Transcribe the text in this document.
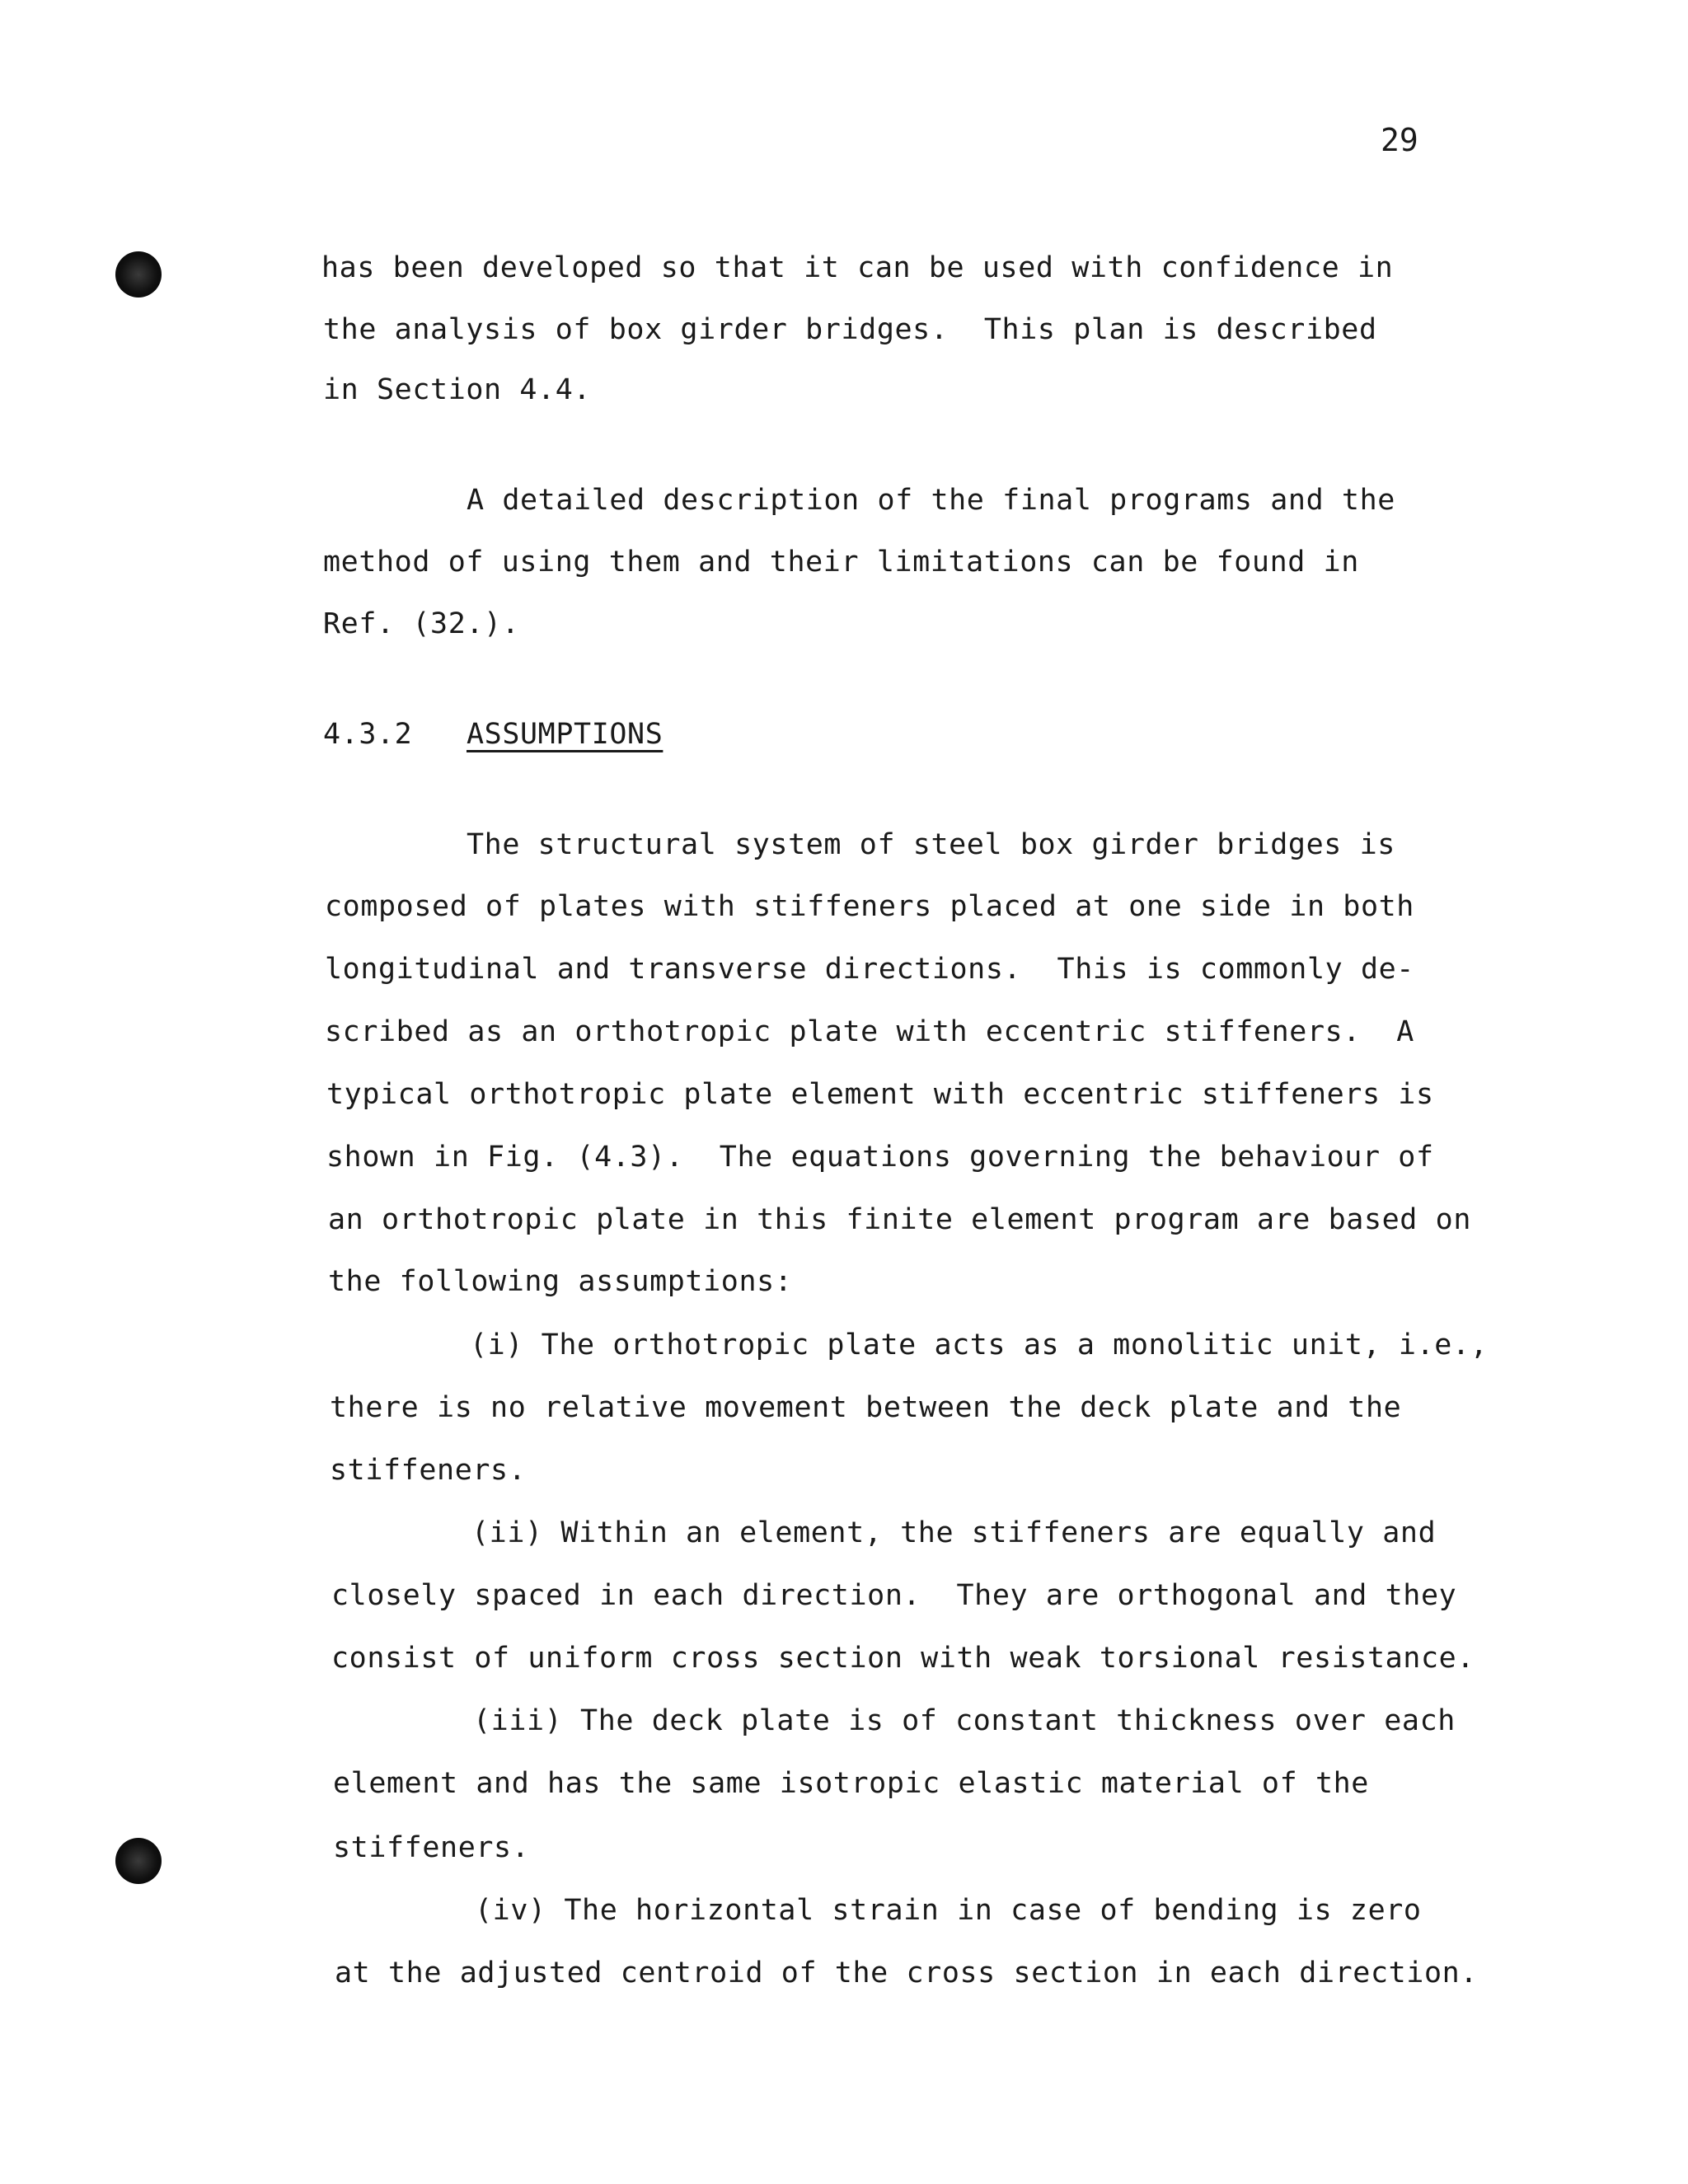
29
has been developed so that it can be used with confidence in
the analysis of box girder bridges.  This plan is described
in Section 4.4.
A detailed description of the final programs and the
method of using them and their limitations can be found in
Ref. (32.).
4.3.2 ASSUMPTIONS
The structural system of steel box girder bridges is
composed of plates with stiffeners placed at one side in both
longitudinal and transverse directions.  This is commonly de-
scribed as an orthotropic plate with eccentric stiffeners.  A
typical orthotropic plate element with eccentric stiffeners is
shown in Fig. (4.3).  The equations governing the behaviour of
an orthotropic plate in this finite element program are based on
the following assumptions:
(i) The orthotropic plate acts as a monolitic unit, i.e.,
there is no relative movement between the deck plate and the
stiffeners.
(ii) Within an element, the stiffeners are equally and
closely spaced in each direction.  They are orthogonal and they
consist of uniform cross section with weak torsional resistance.
(iii) The deck plate is of constant thickness over each
element and has the same isotropic elastic material of the
stiffeners.
(iv) The horizontal strain in case of bending is zero
at the adjusted centroid of the cross section in each direction.
